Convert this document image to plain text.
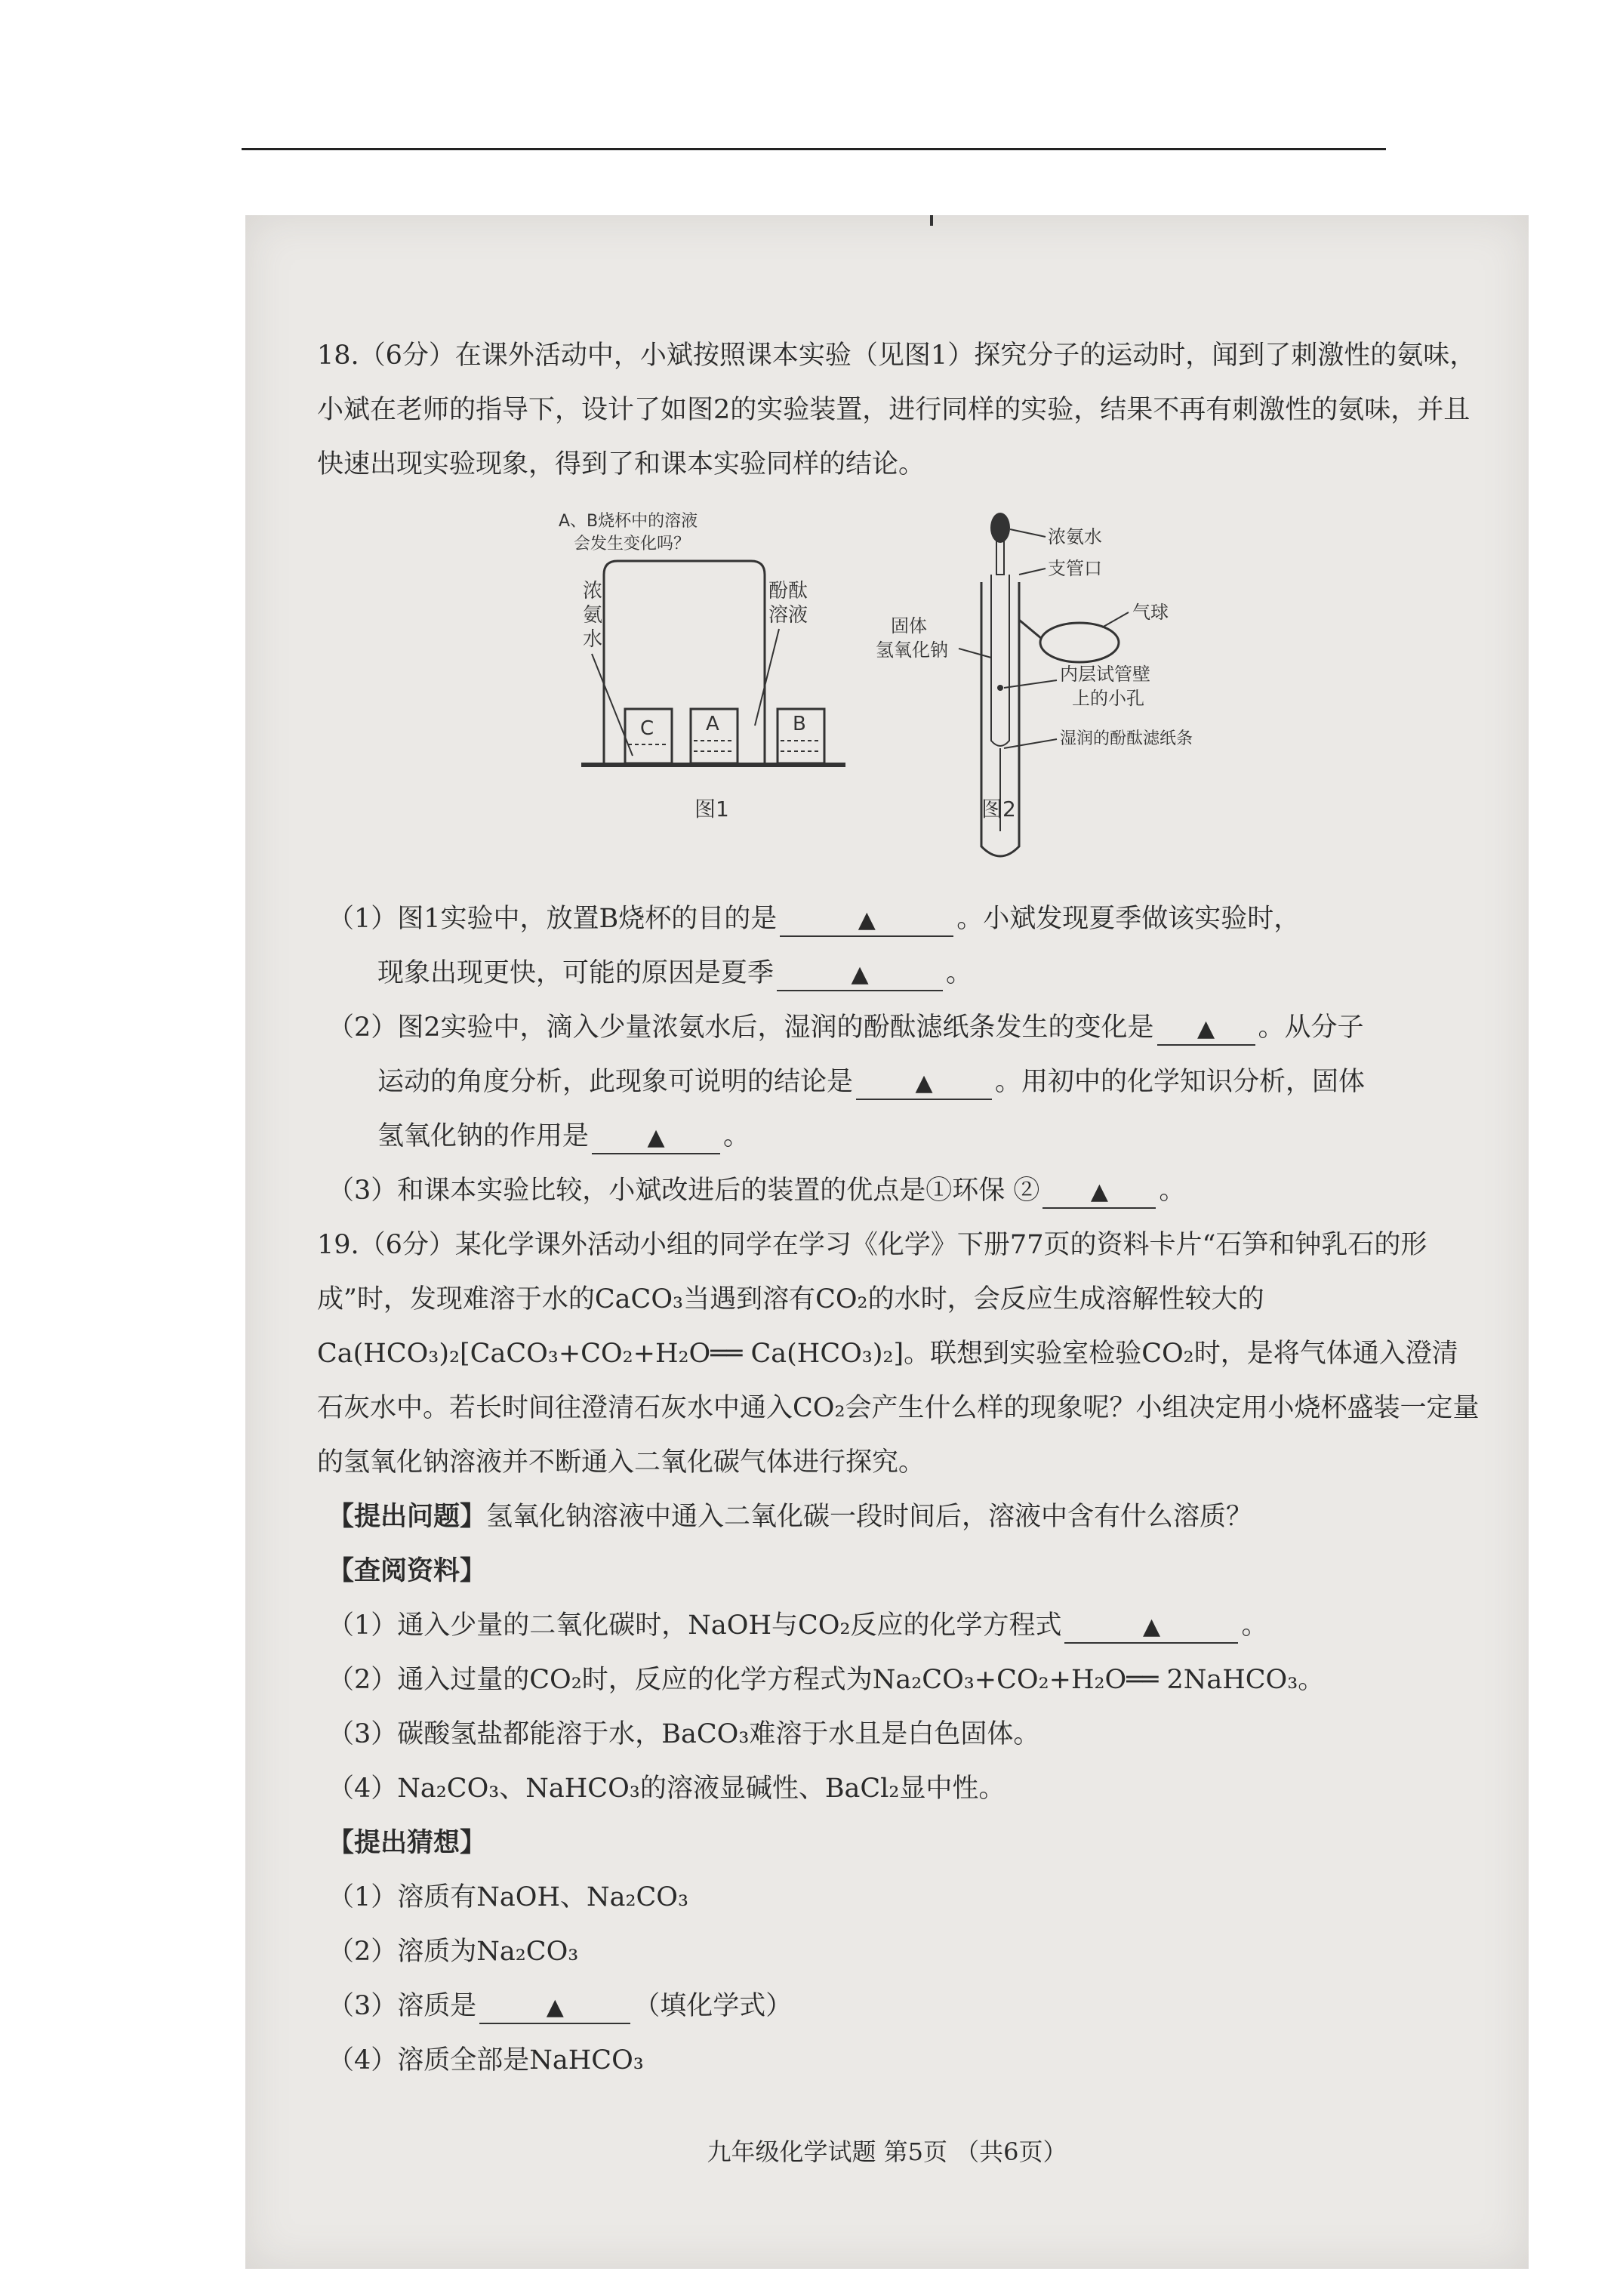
18.（6分）在课外活动中，小斌按照课本实验（见图1）探究分子的运动时，闻到了刺激性的氨味，小斌在老师的指导下，设计了如图2的实验装置，进行同样的实验，结果不再有刺激性的氨味，并且快速出现实验现象，得到了和课本实验同样的结论。

A、B烧杯中的溶液
会发生变化吗？
浓
氨
水
酚酞
溶液
C	A	B
图1
浓氨水
支管口
气球
固体
氢氧化钠
内层试管壁
上的小孔
湿润的酚酞滤纸条
图2

（1）图1实验中，放置B烧杯的目的是	▲	。小斌发现夏季做该实验时，

现象出现更快，可能的原因是夏季	▲	。

（2）图2实验中，滴入少量浓氨水后，湿润的酚酞滤纸条发生的变化是 ▲ 。从分子

运动的角度分析，此现象可说明的结论是	▲ 。用初中的化学知识分析，固体

氢氧化钠的作用是	▲ 。

（3）和课本实验比较，小斌改进后的装置的优点是①环保 ② ▲ 。

19.（6分）某化学课外活动小组的同学在学习《化学》下册77页的资料卡片“石笋和钟乳石的形成”时，发现难溶于水的CaCO₃当遇到溶有CO₂的水时，会反应生成溶解性较大的Ca(HCO₃)₂[CaCO₃+CO₂+H₂O══ Ca(HCO₃)₂]。联想到实验室检验CO₂时，是将气体通入澄清石灰水中。若长时间往澄清石灰水中通入CO₂会产生什么样的现象呢？小组决定用小烧杯盛装一定量的氢氧化钠溶液并不断通入二氧化碳气体进行探究。

【提出问题】氢氧化钠溶液中通入二氧化碳一段时间后，溶液中含有什么溶质？

【查阅资料】

（1）通入少量的二氧化碳时，NaOH与CO₂反应的化学方程式	▲	。

（2）通入过量的CO₂时，反应的化学方程式为Na₂CO₃+CO₂+H₂O══ 2NaHCO₃。

（3）碳酸氢盐都能溶于水，BaCO₃难溶于水且是白色固体。

（4）Na₂CO₃、NaHCO₃的溶液显碱性、BaCl₂显中性。

【提出猜想】

（1）溶质有NaOH、Na₂CO₃

（2）溶质为Na₂CO₃

（3）溶质是	▲	（填化学式）

（4）溶质全部是NaHCO₃

九年级化学试题 第5页 （共6页）
